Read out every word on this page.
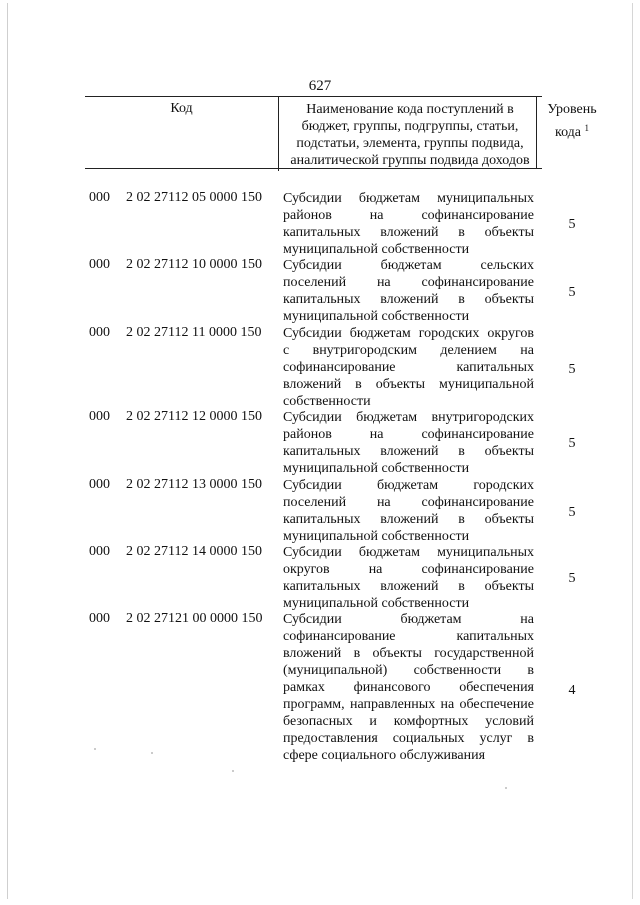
627
Код	Наименование кода поступлений в
бюджет, группы, подгруппы, статьи,
подстатьи, элемента, группы подвида,
аналитической группы подвида доходов
Уровень
кода $^1$
000 2 02 27112 05 0000 150 Субсидии бюджетам муниципальных
районов на софинансирование
капитальных вложений в объекты
муниципальной собственности
5
000 2 02 27112 10 0000 150 Субсидии бюджетам сельских
поселений на софинансирование
капитальных вложений в объекты
муниципальной собственности
5
000 2 02 27112 11 0000 150 Субсидии бюджетам городских округов
с внутригородским делением на
софинансирование капитальных
вложений в объекты муниципальной
собственности
5
000 2 02 27112 12 0000 150 Субсидии бюджетам внутригородских
районов на софинансирование
капитальных вложений в объекты
муниципальной собственности
5
000 2 02 27112 13 0000 150 Субсидии бюджетам городских
поселений на софинансирование
капитальных вложений в объекты
муниципальной собственности
5
000 2 02 27112 14 0000 150 Субсидии бюджетам муниципальных
округов на софинансирование
капитальных вложений в объекты
муниципальной собственности
5
000 2 02 27121 00 0000 150 Субсидии бюджетам на
софинансирование капитальных
вложений в объекты государственной
(муниципальной) собственности в
рамках финансового обеспечения
программ, направленных на обеспечение
безопасных и комфортных условий
предоставления социальных услуг в
сфере социального обслуживания
4
